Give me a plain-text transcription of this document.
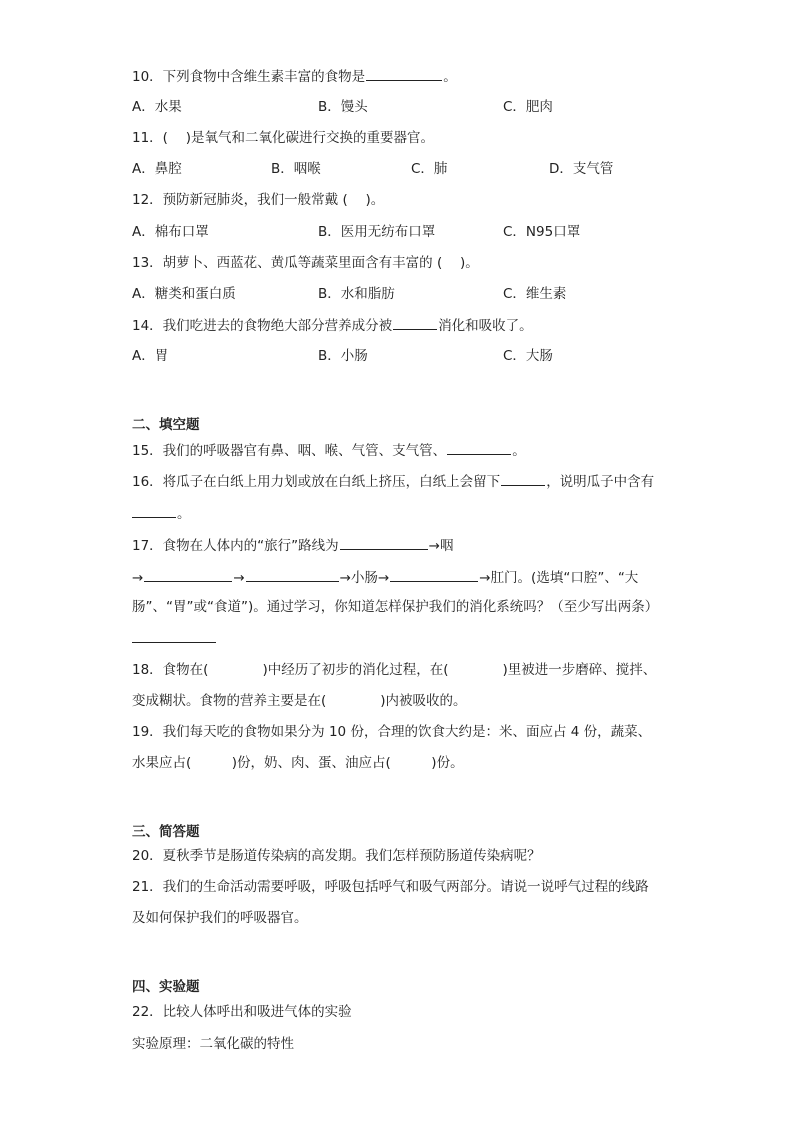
10．下列食物中含维生素丰富的食物是	。
A．水果	B．馒头	C．肥肉
11．(　 )是氧气和二氧化碳进行交换的重要器官。
A．鼻腔	B．咽喉	C．肺	D．支气管
12．预防新冠肺炎，我们一般常戴 (　 )。
A．棉布口罩	B．医用无纺布口罩	C．N95口罩
13．胡萝卜、西蓝花、黄瓜等蔬菜里面含有丰富的 (　 )。
A．糖类和蛋白质	B．水和脂肪	C．维生素
14．我们吃进去的食物绝大部分营养成分被	消化和吸收了。
A．胃	B．小肠	C．大肠
二、填空题
15．我们的呼吸器官有鼻、咽、喉、气管、支气管、	。
16．将瓜子在白纸上用力划或放在白纸上挤压，白纸上会留下	，说明瓜子中含有
。
17．食物在人体内的“旅行”路线为	→咽
→	→	→小肠→	→肛门。(选填“口腔”、“大
肠”、“胃”或“食道”)。通过学习，你知道怎样保护我们的消化系统吗？（至少写出两条）
18．食物在(　　　　)中经历了初步的消化过程，在(　　　　)里被进一步磨碎、搅拌、
变成糊状。食物的营养主要是在(　　　　)内被吸收的。
19．我们每天吃的食物如果分为 10 份，合理的饮食大约是：米、面应占 4 份，蔬菜、
水果应占(　　　)份，奶、肉、蛋、油应占(　　　)份。
三、简答题
20．夏秋季节是肠道传染病的高发期。我们怎样预防肠道传染病呢？
21．我们的生命活动需要呼吸，呼吸包括呼气和吸气两部分。请说一说呼气过程的线路
及如何保护我们的呼吸器官。
四、实验题
22．比较人体呼出和吸进气体的实验
实验原理：二氧化碳的特性
